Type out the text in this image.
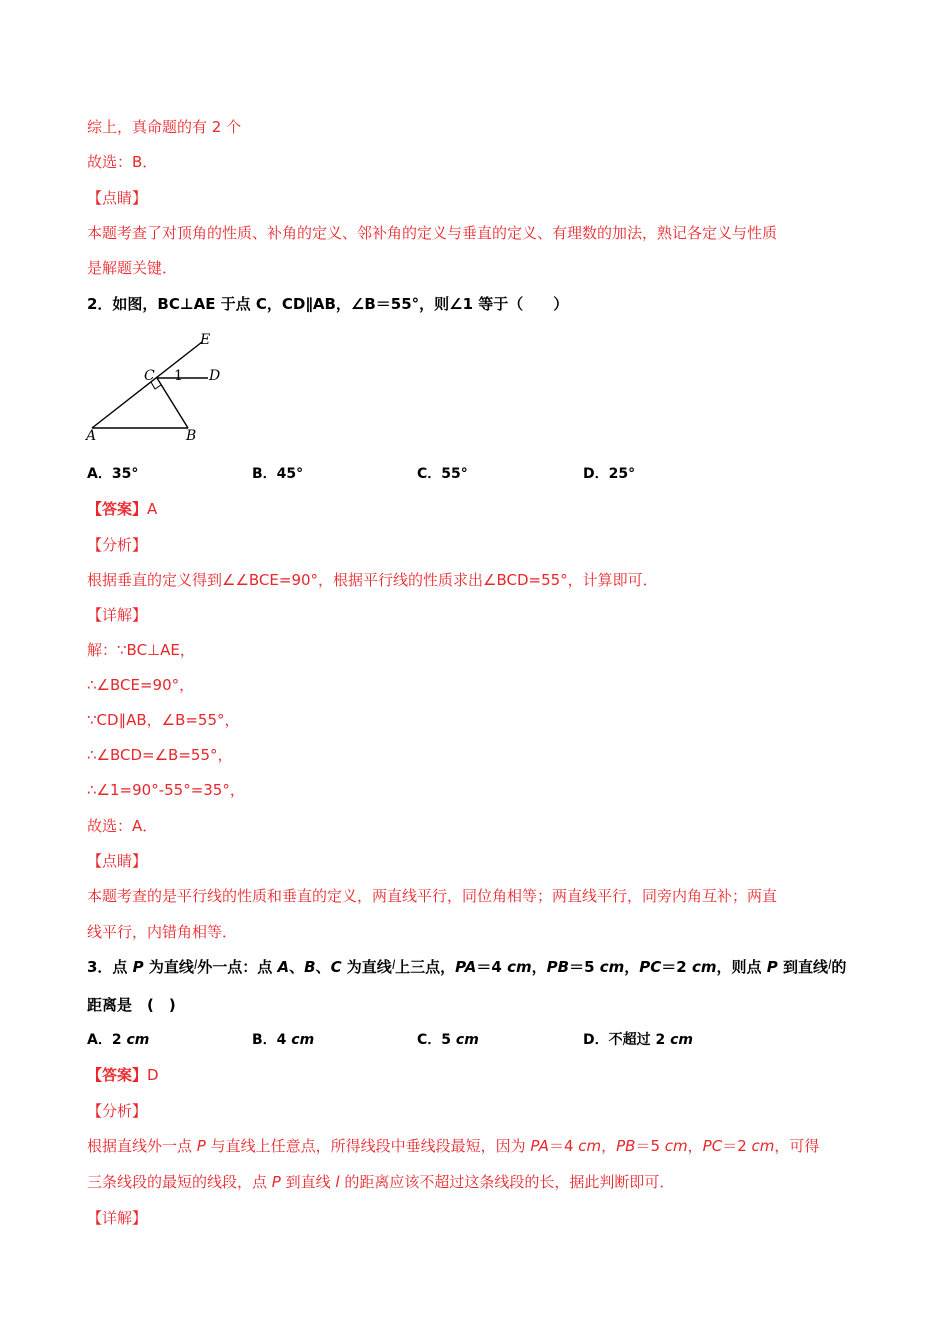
综上，真命题的有 2 个
故选：B．
【点睛】
本题考查了对顶角的性质、补角的定义、邻补角的定义与垂直的定义、有理数的加法，熟记各定义与性质
是解题关键．
2．如图，BC⊥AE 于点 C，CD∥AB，∠B＝55°，则∠1 等于（　　）
E
C 1 D
A	B
A．35°	B．45°	C．55°	D．25°
【答案】A
【分析】
根据垂直的定义得到∠∠BCE=90°，根据平行线的性质求出∠BCD=55°，计算即可．
【详解】
解：∵BC⊥AE，
∴∠BCE=90°，
∵CD∥AB，∠B=55°，
∴∠BCD=∠B=55°，
∴∠1=90°-55°=35°，
故选：A．
【点睛】
本题考查的是平行线的性质和垂直的定义，两直线平行，同位角相等；两直线平行，同旁内角互补；两直
线平行，内错角相等．
3．点 P 为直线$^l$外一点：点 A、B、C 为直线$^l$上三点，PA＝4 cm，PB＝5 cm，PC＝2 cm，则点 P 到直线$^l$的
距离是　(　)
A．2 cm	B．4 cm	C．5 cm	D．不超过 2 cm
【答案】D
【分析】
根据直线外一点 P 与直线上任意点，所得线段中垂线段最短，因为 PA＝4 cm，PB＝5 cm，PC＝2 cm，可得
三条线段的最短的线段，点 P 到直线 l 的距离应该不超过这条线段的长，据此判断即可．
【详解】
